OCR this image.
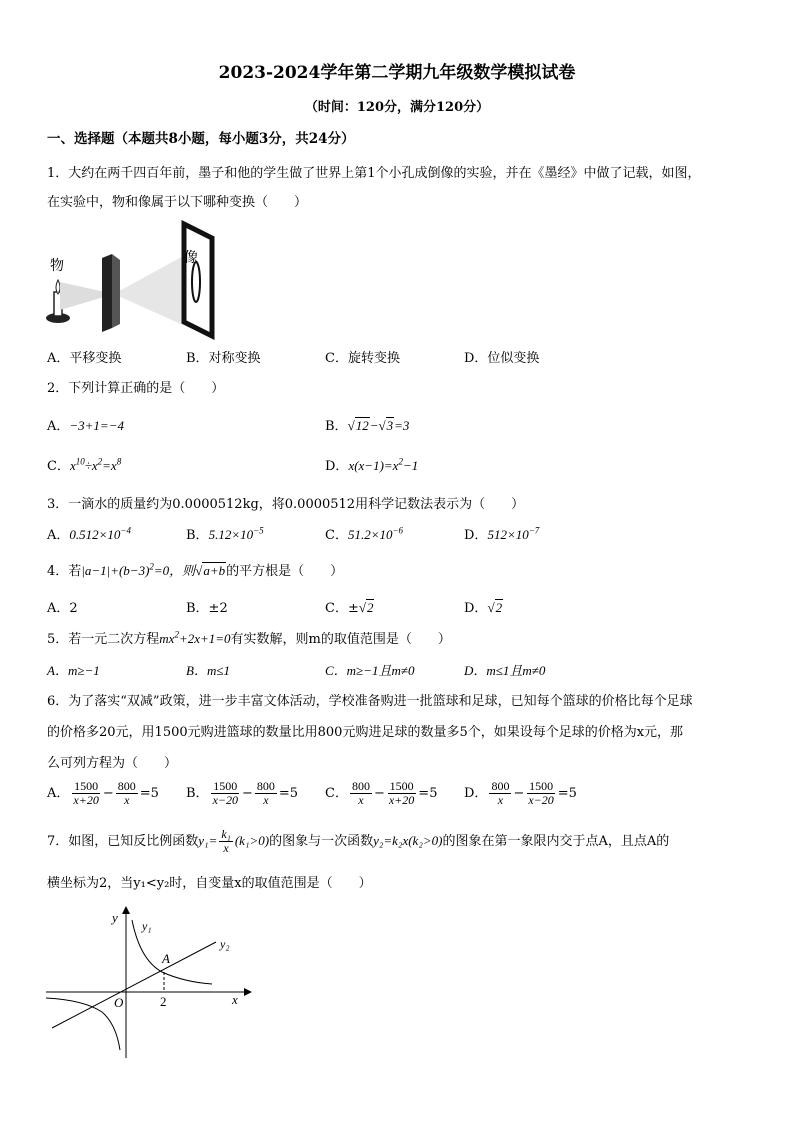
2023-2024学年第二学期九年级数学模拟试卷
（时间：120分，满分120分）
一、选择题（本题共8小题，每小题3分，共24分）
1．大约在两千四百年前，墨子和他的学生做了世界上第1个小孔成倒像的实验，并在《墨经》中做了记载，如图，
在实验中，物和像属于以下哪种变换（　　）
物	像
A．平移变换	B．对称变换	C．旋转变换	D．位似变换
2．下列计算正确的是（　　）
A．−3+1=−4	B．√12−√3=3
C．$x^{10}\div x^2=x^8$	D．$x(x-1)=x^2-1$
3．一滴水的质量约为0.0000512kg，将0.0000512用科学记数法表示为（　　）
A．$0.512\times 10^{-4}$	B．$5.12\times 10^{-5}$	C．$51.2\times 10^{-6}$	D．$512\times 10^{-7}$
4．若$|a-1|+(b-3)^2=0$，则√a+b的平方根是（　　）
A．2	B．±2	C．±√2	D．√2
5．若一元二次方程$mx^2+2x+1=0$有实数解，则m的取值范围是（　　）
A．m≥−1	B．m≤1	C．m≥−1且m≠0	D．m≤1且m≠0
6．为了落实“双减”政策，进一步丰富文体活动，学校准备购进一批篮球和足球，已知每个篮球的价格比每个足球
的价格多20元，用1500元购进篮球的数量比用800元购进足球的数量多5个，如果设每个足球的价格为x元，那
么可列方程为（　　）
A． $\frac{1500}{x+20} - \frac{800}{x} =5$ B． $\frac{1500}{x-20} - \frac{800}{x} =5$ C． $\frac{800}{x} - \frac{1500}{x+20} =5$ D． $\frac{800}{x} - \frac{1500}{x-20} =5$
7．如图，已知反比例函数$y_1= \frac{\text{k₁}}{x} (k_1>0)$的图象与一次函数y₂=k₂x(k₂>0)的图象在第一象限内交于点A，且点A的
横坐标为2，当y₁<y₂时，自变量x的取值范围是（　　）
y
x
O
A
2
y₁
y₂
